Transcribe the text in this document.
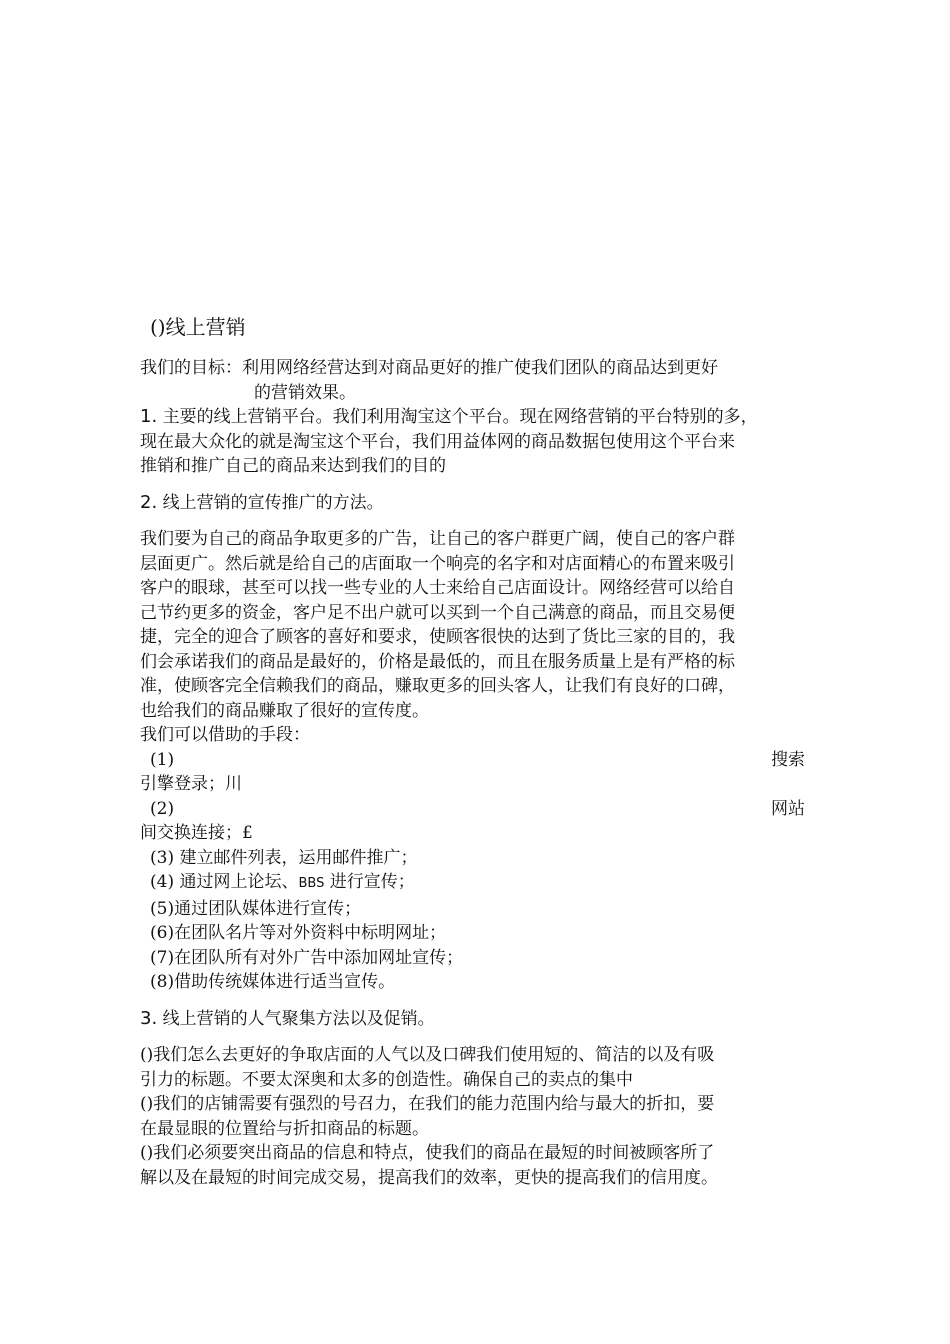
()线上营销

我们的目标：利用网络经营达到对商品更好的推广使我们团队的商品达到更好

的营销效果。

1. 主要的线上营销平台。我们利用淘宝这个平台。现在网络营销的平台特别的多，

现在最大众化的就是淘宝这个平台，我们用益体网的商品数据包使用这个平台来

推销和推广自己的商品来达到我们的目的

2. 线上营销的宣传推广的方法。

我们要为自己的商品争取更多的广告，让自己的客户群更广阔，使自己的客户群

层面更广。然后就是给自己的店面取一个响亮的名字和对店面精心的布置来吸引

客户的眼球，甚至可以找一些专业的人士来给自己店面设计。网络经营可以给自

己节约更多的资金，客户足不出户就可以买到一个自己满意的商品，而且交易便

捷，完全的迎合了顾客的喜好和要求，使顾客很快的达到了货比三家的目的，我

们会承诺我们的商品是最好的，价格是最低的，而且在服务质量上是有严格的标

准，使顾客完全信赖我们的商品，赚取更多的回头客人，让我们有良好的口碑，

也给我们的商品赚取了很好的宣传度。

我们可以借助的手段：

(1)	搜索

引擎登录；川

(2)	网站

间交换连接；£

(3) 建立邮件列表，运用邮件推广；

(4) 通过网上论坛、BBS 进行宣传；

(5)通过团队媒体进行宣传；

(6)在团队名片等对外资料中标明网址；

(7)在团队所有对外广告中添加网址宣传；

(8)借助传统媒体进行适当宣传。

3. 线上营销的人气聚集方法以及促销。

()我们怎么去更好的争取店面的人气以及口碑我们使用短的、简洁的以及有吸

引力的标题。不要太深奥和太多的创造性。确保自己的卖点的集中

()我们的店铺需要有强烈的号召力，在我们的能力范围内给与最大的折扣，要

在最显眼的位置给与折扣商品的标题。

()我们必须要突出商品的信息和特点，使我们的商品在最短的时间被顾客所了

解以及在最短的时间完成交易，提高我们的效率，更快的提高我们的信用度。
